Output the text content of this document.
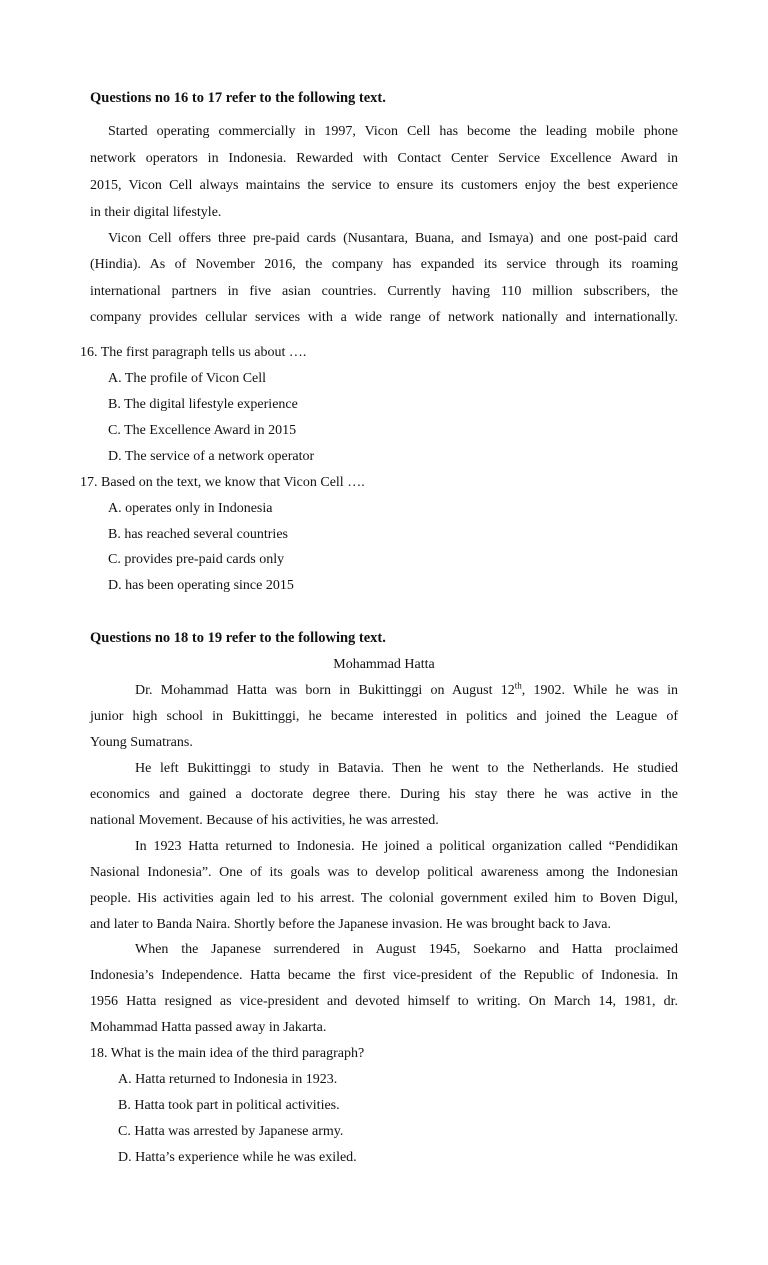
Questions no 16 to 17 refer to the following text.
Started operating commercially in 1997, Vicon Cell has become the leading mobile phone
network operators in Indonesia. Rewarded with Contact Center Service Excellence Award in
2015, Vicon Cell always maintains the service to ensure its customers enjoy the best experience
in their digital lifestyle.
Vicon Cell offers three pre-paid cards (Nusantara, Buana, and Ismaya) and one post-paid card
(Hindia). As of November 2016, the company has expanded its service through its roaming
international partners in five asian countries. Currently having 110 million subscribers, the
company provides cellular services with a wide range of network nationally and internationally.
16. The first paragraph tells us about ….
A. The profile of Vicon Cell
B. The digital lifestyle experience
C. The Excellence Award in 2015
D. The service of a network operator
17. Based on the text, we know that Vicon Cell ….
A. operates only in Indonesia
B. has reached several countries
C. provides pre-paid cards only
D. has been operating since 2015
Questions no 18 to 19 refer to the following text.
Mohammad Hatta
Dr. Mohammad Hatta was born in Bukittinggi on August 12th, 1902. While he was in
junior high school in Bukittinggi, he became interested in politics and joined the League of
Young Sumatrans.
He left Bukittinggi to study in Batavia. Then he went to the Netherlands. He studied
economics and gained a doctorate degree there. During his stay there he was active in the
national Movement. Because of his activities, he was arrested.
In 1923 Hatta returned to Indonesia. He joined a political organization called “Pendidikan
Nasional Indonesia”. One of its goals was to develop political awareness among the Indonesian
people. His activities again led to his arrest. The colonial government exiled him to Boven Digul,
and later to Banda Naira. Shortly before the Japanese invasion. He was brought back to Java.
When the Japanese surrendered in August 1945, Soekarno and Hatta proclaimed
Indonesia’s Independence. Hatta became the first vice-president of the Republic of Indonesia. In
1956 Hatta resigned as vice-president and devoted himself to writing. On March 14, 1981, dr.
Mohammad Hatta passed away in Jakarta.
18. What is the main idea of the third paragraph?
A. Hatta returned to Indonesia in 1923.
B. Hatta took part in political activities.
C. Hatta was arrested by Japanese army.
D. Hatta’s experience while he was exiled.
